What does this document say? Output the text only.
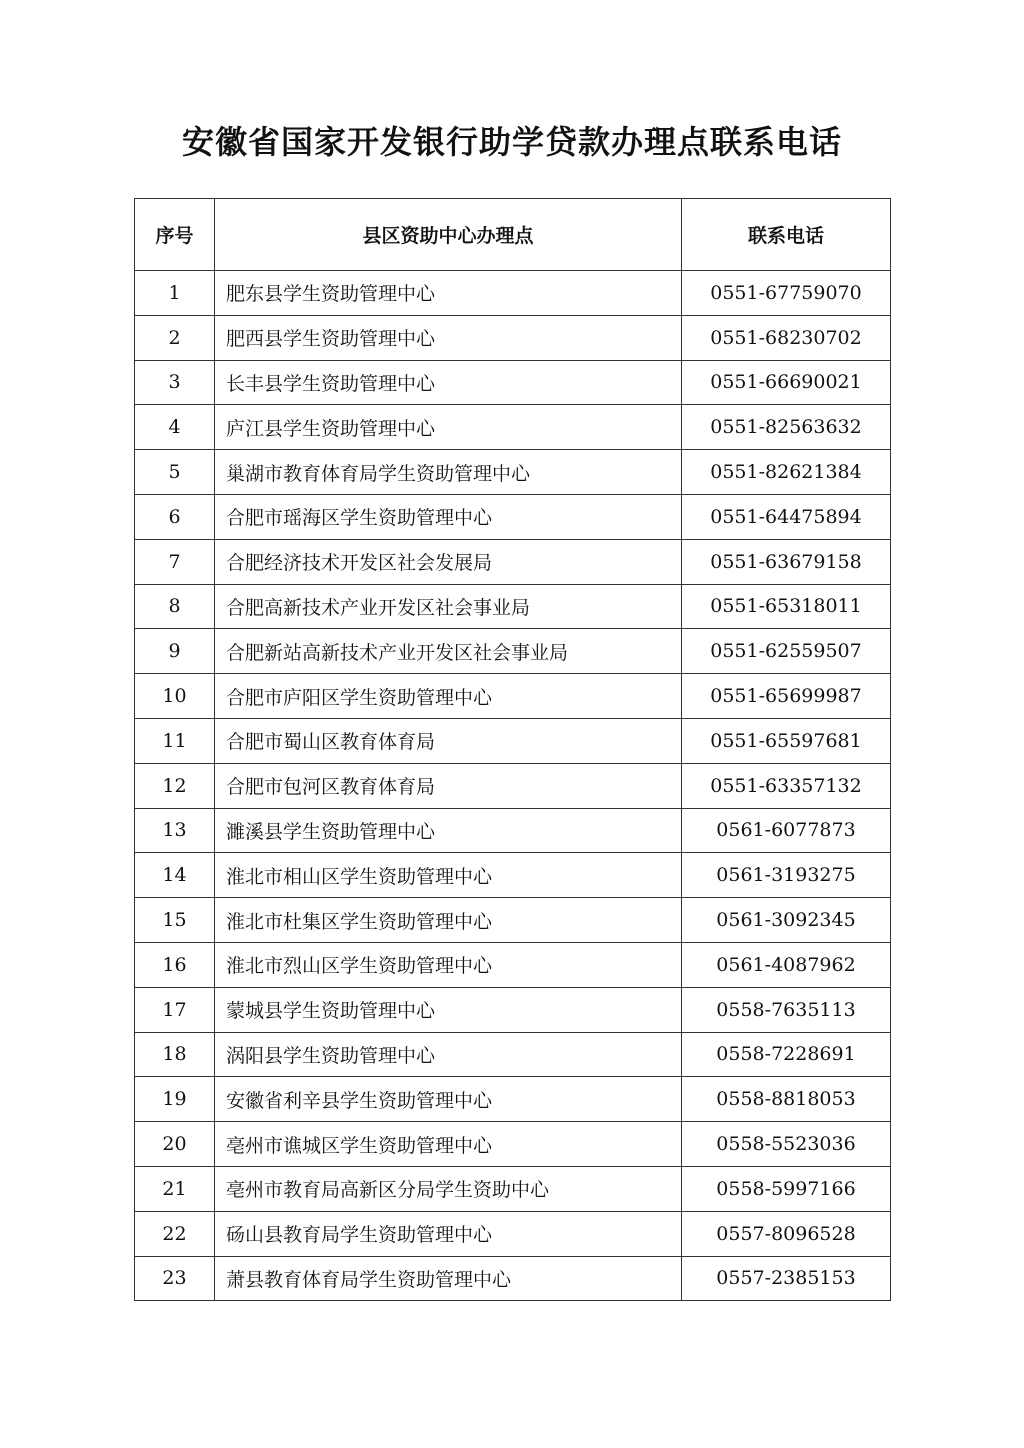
安徽省国家开发银行助学贷款办理点联系电话
序号	县区资助中心办理点	联系电话
1	肥东县学生资助管理中心	0551-67759070
2	肥西县学生资助管理中心	0551-68230702
3	长丰县学生资助管理中心	0551-66690021
4	庐江县学生资助管理中心	0551-82563632
5	巢湖市教育体育局学生资助管理中心	0551-82621384
6	合肥市瑶海区学生资助管理中心	0551-64475894
7	合肥经济技术开发区社会发展局	0551-63679158
8	合肥高新技术产业开发区社会事业局	0551-65318011
9	合肥新站高新技术产业开发区社会事业局	0551-62559507
10	合肥市庐阳区学生资助管理中心	0551-65699987
11	合肥市蜀山区教育体育局	0551-65597681
12	合肥市包河区教育体育局	0551-63357132
13	濉溪县学生资助管理中心	0561-6077873
14	淮北市相山区学生资助管理中心	0561-3193275
15	淮北市杜集区学生资助管理中心	0561-3092345
16	淮北市烈山区学生资助管理中心	0561-4087962
17	蒙城县学生资助管理中心	0558-7635113
18	涡阳县学生资助管理中心	0558-7228691
19	安徽省利辛县学生资助管理中心	0558-8818053
20	亳州市谯城区学生资助管理中心	0558-5523036
21	亳州市教育局高新区分局学生资助中心	0558-5997166
22	砀山县教育局学生资助管理中心	0557-8096528
23	萧县教育体育局学生资助管理中心	0557-2385153
